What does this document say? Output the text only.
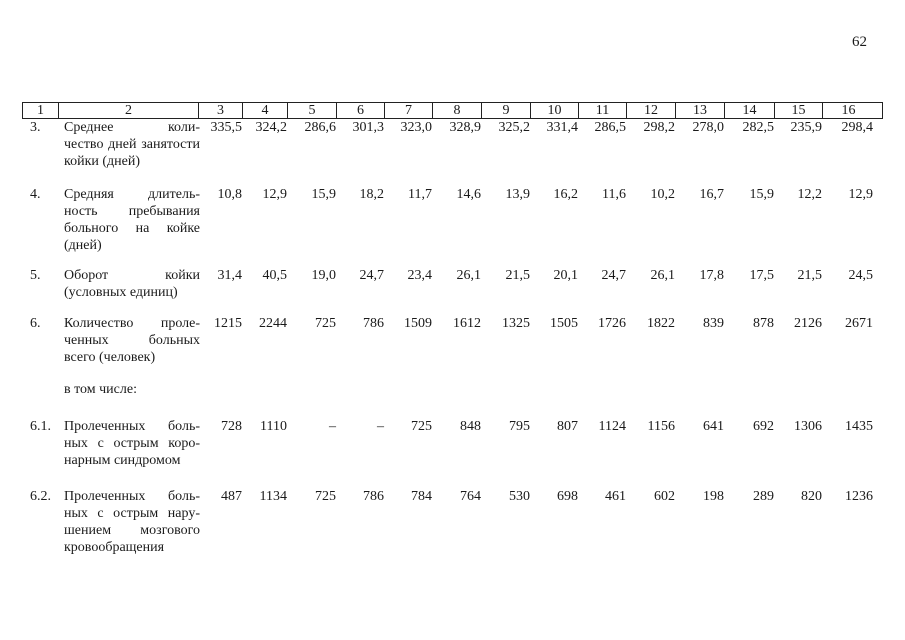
62
1	2	3	4	5	6	7	8	9	10	11	12	13	14	15	16
3.	Среднее коли-
чество дней занятости
койки (дней)
335,5 324,2	286,6	301,3	323,0	328,9	325,2	331,4	286,5	298,2	278,0	282,5	235,9	298,4
4.	Средняя длитель-
ность пребывания
больного на койке
(дней)
10,8	12,9	15,9	18,2	11,7	14,6	13,9	16,2	11,6	10,2	16,7	15,9	12,2	12,9
5.	Оборот койки
(условных единиц)
31,4	40,5	19,0	24,7	23,4	26,1	21,5	20,1	24,7	26,1	17,8	17,5	21,5	24,5
6.	Количество проле-
ченных больных
всего (человек)
1215	2244	725	786	1509	1612	1325	1505	1726	1822	839	878	2126	2671
6.1. Пролеченных боль-
ных с острым коро-
нарным синдромом
728	1110	–	–	725	848	795	807	1124	1156	641	692	1306	1435
6.2. Пролеченных боль-
ных с острым нару-
шением мозгового
кровообращения
487	1134	725	786	784	764	530	698	461	602	198	289	820	1236
в том числе:
